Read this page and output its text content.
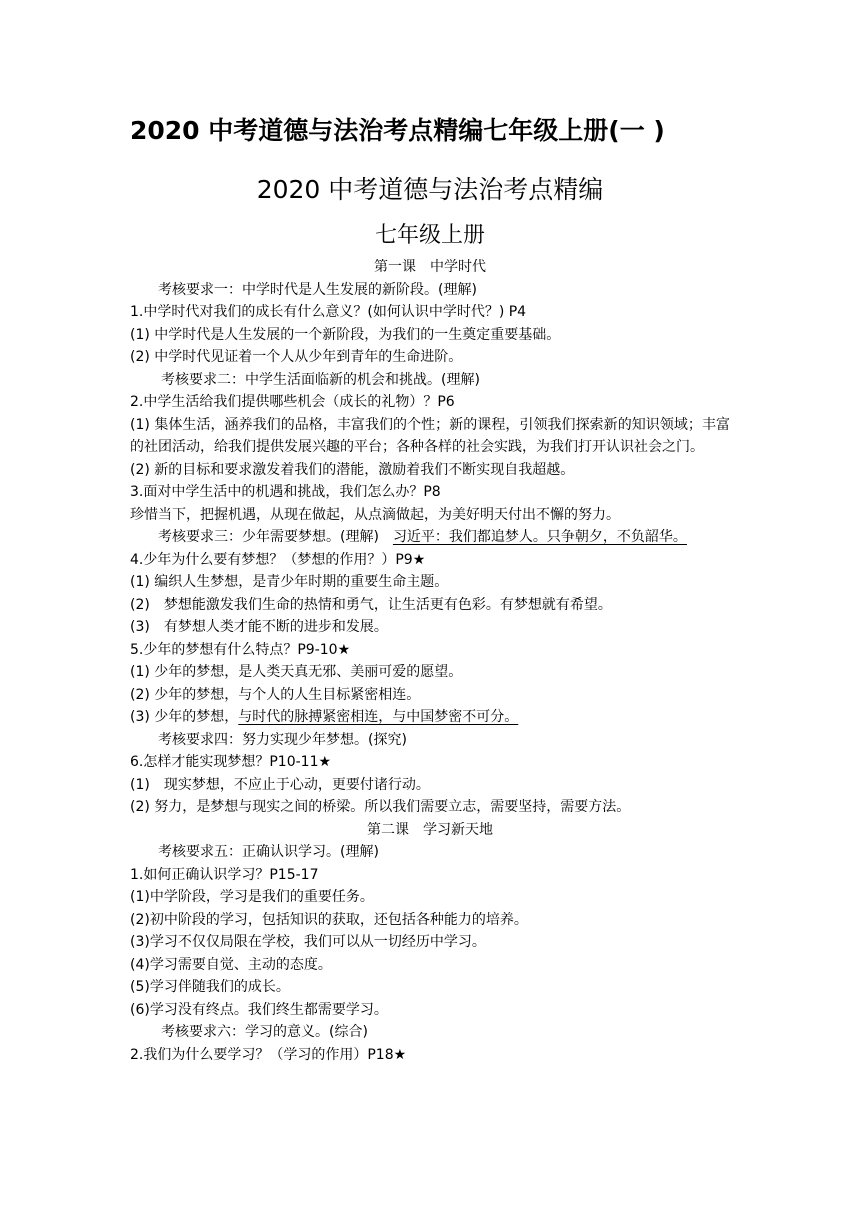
2020 中考道德与法治考点精编七年级上册(一 )
2020 中考道德与法治考点精编
七年级上册

第一课　中学时代

考核要求一：中学时代是人生发展的新阶段。(理解)

1.中学时代对我们的成长有什么意义？(如何认识中学时代？) P4

(1) 中学时代是人生发展的一个新阶段，为我们的一生奠定重要基础。

(2) 中学时代见证着一个人从少年到青年的生命进阶。

考核要求二：中学生活面临新的机会和挑战。(理解)

2.中学生活给我们提供哪些机会（成长的礼物）？P6

(1) 集体生活，涵养我们的品格，丰富我们的个性；新的课程，引领我们探索新的知识领域；丰富的社团活动，给我们提供发展兴趣的平台；各种各样的社会实践，为我们打开认识社会之门。

(2) 新的目标和要求激发着我们的潜能，激励着我们不断实现自我超越。

3.面对中学生活中的机遇和挑战，我们怎么办？P8

珍惜当下，把握机遇，从现在做起，从点滴做起，为美好明天付出不懈的努力。

考核要求三：少年需要梦想。(理解)　 习近平：我们都追梦人。只争朝夕，不负韶华。

4.少年为什么要有梦想？（梦想的作用？）P9★

(1) 编织人生梦想，是青少年时期的重要生命主题。

(2)　梦想能激发我们生命的热情和勇气，让生活更有色彩。有梦想就有希望。

(3)　有梦想人类才能不断的进步和发展。

5.少年的梦想有什么特点？P9-10★

(1) 少年的梦想，是人类天真无邪、美丽可爱的愿望。

(2) 少年的梦想，与个人的人生目标紧密相连。

(3) 少年的梦想，与时代的脉搏紧密相连，与中国梦密不可分。

考核要求四：努力实现少年梦想。(探究)

6.怎样才能实现梦想？P10-11★

(1)　现实梦想，不应止于心动，更要付诸行动。

(2) 努力，是梦想与现实之间的桥梁。所以我们需要立志，需要坚持，需要方法。

第二课　学习新天地

考核要求五：正确认识学习。(理解)

1.如何正确认识学习？P15-17

(1)中学阶段，学习是我们的重要任务。

(2)初中阶段的学习，包括知识的获取，还包括各种能力的培养。

(3)学习不仅仅局限在学校，我们可以从一切经历中学习。

(4)学习需要自觉、主动的态度。

(5)学习伴随我们的成长。

(6)学习没有终点。我们终生都需要学习。

考核要求六：学习的意义。(综合)

2.我们为什么要学习？（学习的作用）P18★
